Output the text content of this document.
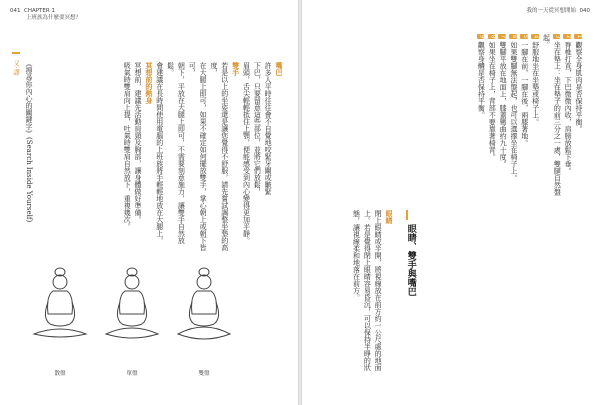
041 CHAPTER 1
上班族為什麼要冥想？
又·譯 《搜尋你內心的關鍵字》(Search Inside Yourself)	嘴巴
許多人平時往往會不自覺地咬緊牙關或皺緊
下巴，只要留意這些部位，並將它們放鬆，
眉頭，舌尖輕輕抵住上顎，便能感受到內心變得更加平靜。
雙手
若是以上的坐姿還是讓您覺得不舒服，請先嘗試調整坐墊的高度，
在大腿上即可，如果不確定如何擺放雙手，掌心朝上或朝下皆可，
朝下，平放在大腿上即可，不需要刻意施力，讓雙手自然放鬆。
會建議在長時間使用電腦的上班族將手輕輕地放在大腿上，
冥想前的熱身
冥想前，建議先活動肩頸及胸部，讓身體做好準備。
吸氣時雙肩向上提，吐氣時雙肩自然放下，重複幾次。
雙盤
單盤
散盤
我的一天從冥想開始 040
1觀察全身肌肉是否保持平衡。
2脊椎打直，下巴微微內收，肩膀放鬆下垂。
3坐在墊上：坐在墊子的前三分之一處，雙腿自然盤起。
4舒服地坐在坐墊或椅子上。
5一腳在前，一腳在後，兩膝著地。
6如果雙腳無法盤起，也可以選擇坐在椅子上。
7雙腳平放在地面上，膝蓋彎曲約九十度。
8如果坐在椅子上，背部不要靠著椅背。
9觀察身體是否保持平衡。
眼睛、雙手與嘴巴
眼睛
閉上眼睛或半開，將視線放在前方約一公尺處的地面上。若是覺得閉上眼睛容易昏沉，可以保持半睜的狀態，讓視線柔和地落在前方。
